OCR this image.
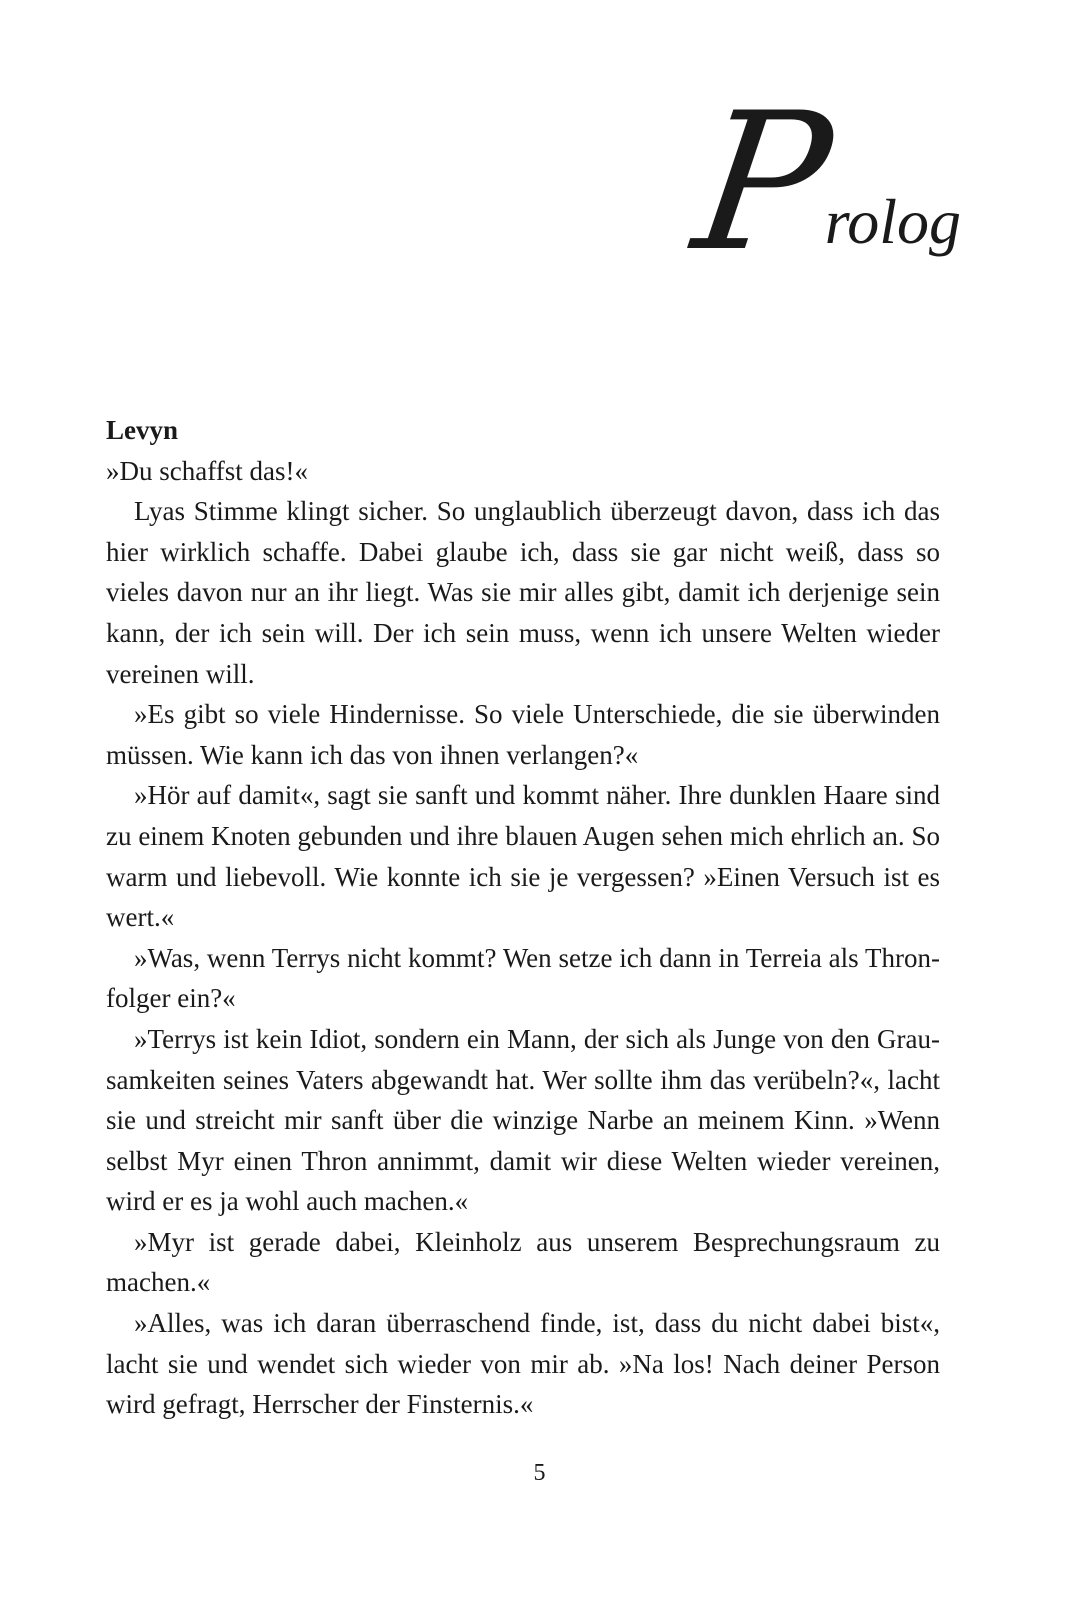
P
rolog

Levyn

»Du schaffst das!«

Lyas Stimme klingt sicher. So unglaublich überzeugt davon, dass ich das hier wirklich schaffe. Dabei glaube ich, dass sie gar nicht weiß, dass so vieles davon nur an ihr liegt. Was sie mir alles gibt, damit ich derjenige sein kann, der ich sein will. Der ich sein muss, wenn ich unsere Welten wieder vereinen will.

»Es gibt so viele Hindernisse. So viele Unterschiede, die sie überwinden müssen. Wie kann ich das von ihnen verlangen?«

»Hör auf damit«, sagt sie sanft und kommt näher. Ihre dunklen Haare sind zu einem Knoten gebunden und ihre blauen Augen sehen mich ehrlich an. So warm und liebevoll. Wie konnte ich sie je vergessen? »Einen Versuch ist es wert.«

»Was, wenn Terrys nicht kommt? Wen setze ich dann in Terreia als Thronfolger ein?«

»Terrys ist kein Idiot, sondern ein Mann, der sich als Junge von den Grausamkeiten seines Vaters abgewandt hat. Wer sollte ihm das verübeln?«, lacht sie und streicht mir sanft über die winzige Narbe an meinem Kinn. »Wenn selbst Myr einen Thron annimmt, damit wir diese Welten wieder vereinen, wird er es ja wohl auch machen.«

»Myr ist gerade dabei, Kleinholz aus unserem Besprechungsraum zu machen.«

»Alles, was ich daran überraschend finde, ist, dass du nicht dabei bist«, lacht sie und wendet sich wieder von mir ab. »Na los! Nach deiner Person wird gefragt, Herrscher der Finsternis.«

5
